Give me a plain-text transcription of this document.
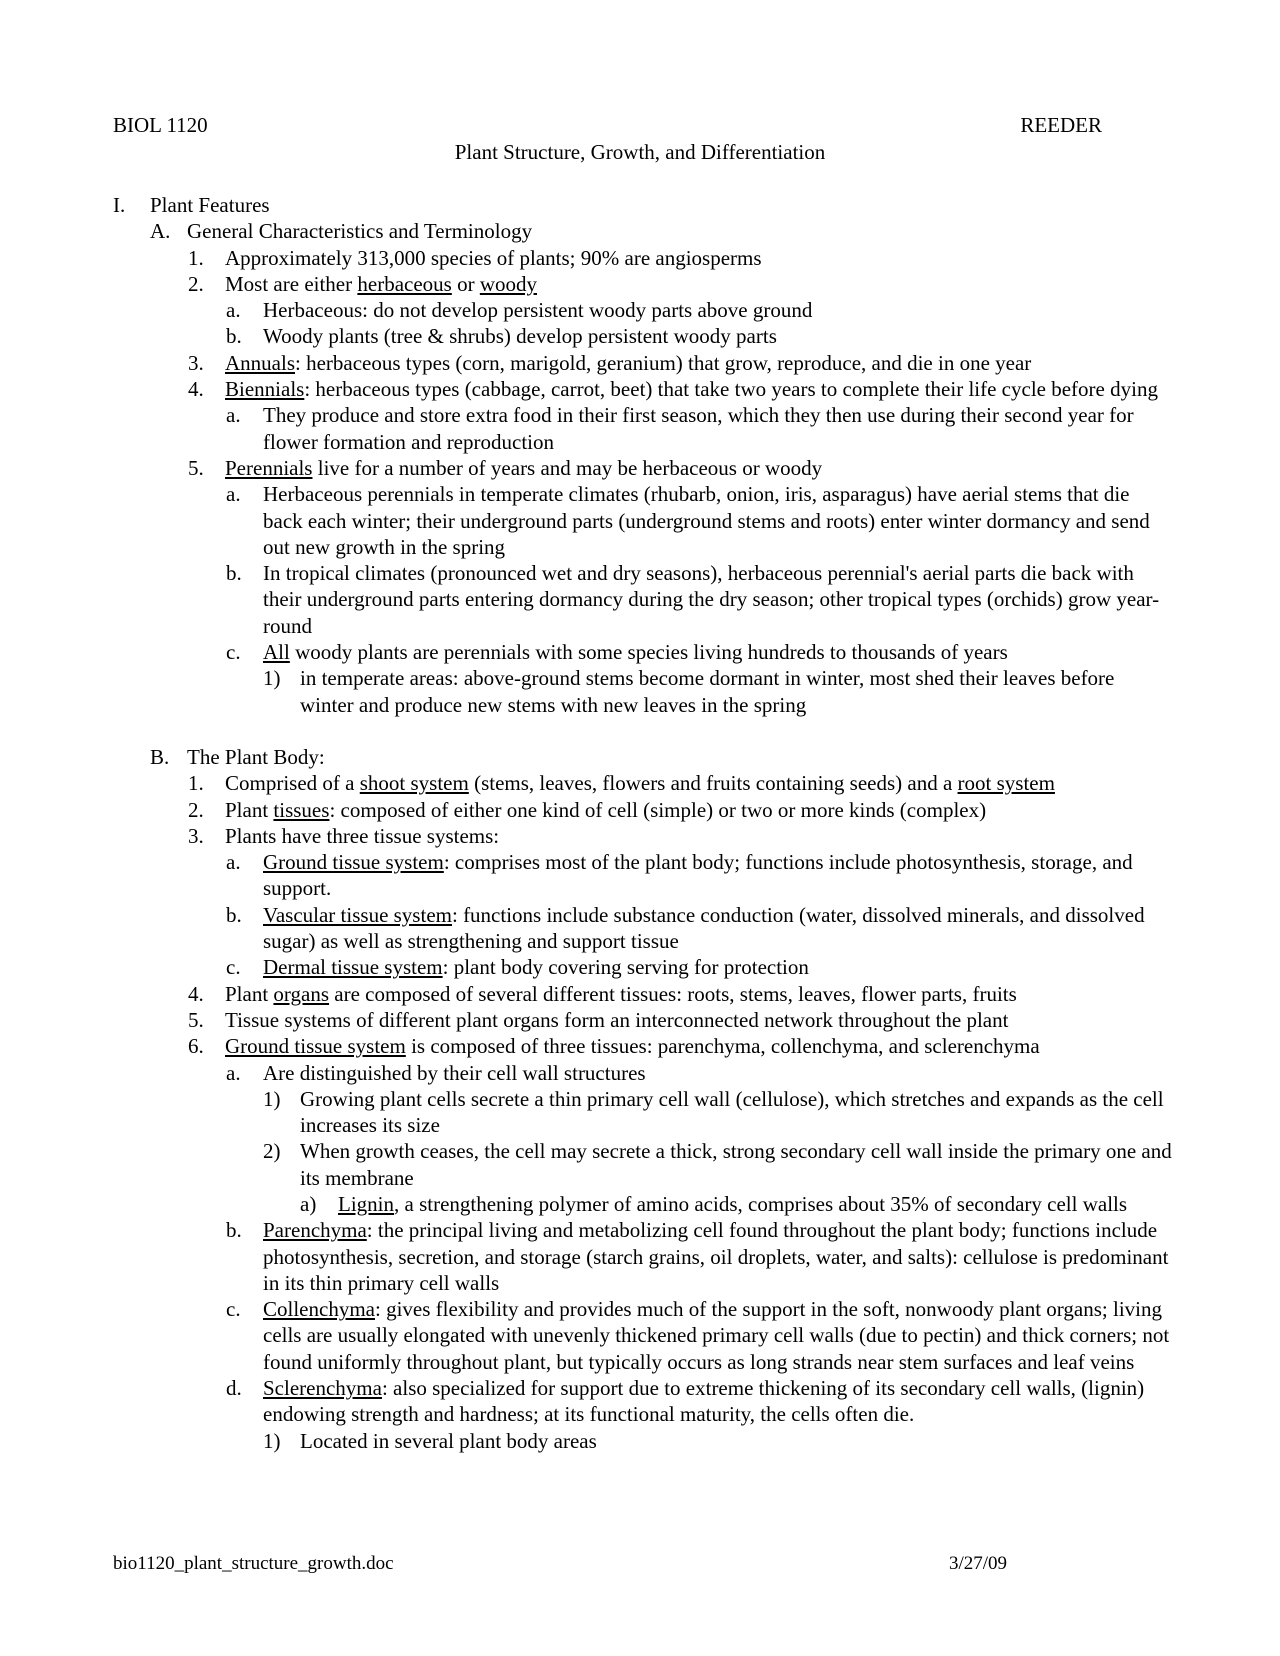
BIOL 1120	REEDER
Plant Structure, Growth, and Differentiation
I. Plant Features
A. General Characteristics and Terminology
1. Approximately 313,000 species of plants; 90% are angiosperms
2. Most are either herbaceous or woody
a. Herbaceous: do not develop persistent woody parts above ground
b. Woody plants (tree & shrubs) develop persistent woody parts
3. Annuals: herbaceous types (corn, marigold, geranium) that grow, reproduce, and die in one year
4. Biennials: herbaceous types (cabbage, carrot, beet) that take two years to complete their life cycle before dying
a. They produce and store extra food in their first season, which they then use during their second year for flower formation and reproduction
5. Perennials live for a number of years and may be herbaceous or woody
a. Herbaceous perennials in temperate climates (rhubarb, onion, iris, asparagus) have aerial stems that die back each winter; their underground parts (underground stems and roots) enter winter dormancy and send out new growth in the spring
b. In tropical climates (pronounced wet and dry seasons), herbaceous perennial's aerial parts die back with their underground parts entering dormancy during the dry season; other tropical types (orchids) grow year-round
c. All woody plants are perennials with some species living hundreds to thousands of years
1) in temperate areas: above-ground stems become dormant in winter, most shed their leaves before winter and produce new stems with new leaves in the spring
B. The Plant Body:
1. Comprised of a shoot system (stems, leaves, flowers and fruits containing seeds) and a root system
2. Plant tissues: composed of either one kind of cell (simple) or two or more kinds (complex)
3. Plants have three tissue systems:
a. Ground tissue system: comprises most of the plant body; functions include photosynthesis, storage, and support.
b. Vascular tissue system: functions include substance conduction (water, dissolved minerals, and dissolved sugar) as well as strengthening and support tissue
c. Dermal tissue system: plant body covering serving for protection
4. Plant organs are composed of several different tissues: roots, stems, leaves, flower parts, fruits
5. Tissue systems of different plant organs form an interconnected network throughout the plant
6. Ground tissue system is composed of three tissues: parenchyma, collenchyma, and sclerenchyma
a. Are distinguished by their cell wall structures
1) Growing plant cells secrete a thin primary cell wall (cellulose), which stretches and expands as the cell increases its size
2) When growth ceases, the cell may secrete a thick, strong secondary cell wall inside the primary one and its membrane
a) Lignin, a strengthening polymer of amino acids, comprises about 35% of secondary cell walls
b. Parenchyma: the principal living and metabolizing cell found throughout the plant body; functions include photosynthesis, secretion, and storage (starch grains, oil droplets, water, and salts): cellulose is predominant in its thin primary cell walls
c. Collenchyma: gives flexibility and provides much of the support in the soft, nonwoody plant organs; living cells are usually elongated with unevenly thickened primary cell walls (due to pectin) and thick corners; not found uniformly throughout plant, but typically occurs as long strands near stem surfaces and leaf veins
d. Sclerenchyma: also specialized for support due to extreme thickening of its secondary cell walls, (lignin) endowing strength and hardness; at its functional maturity, the cells often die.
1) Located in several plant body areas
bio1120_plant_structure_growth.doc	3/27/09
